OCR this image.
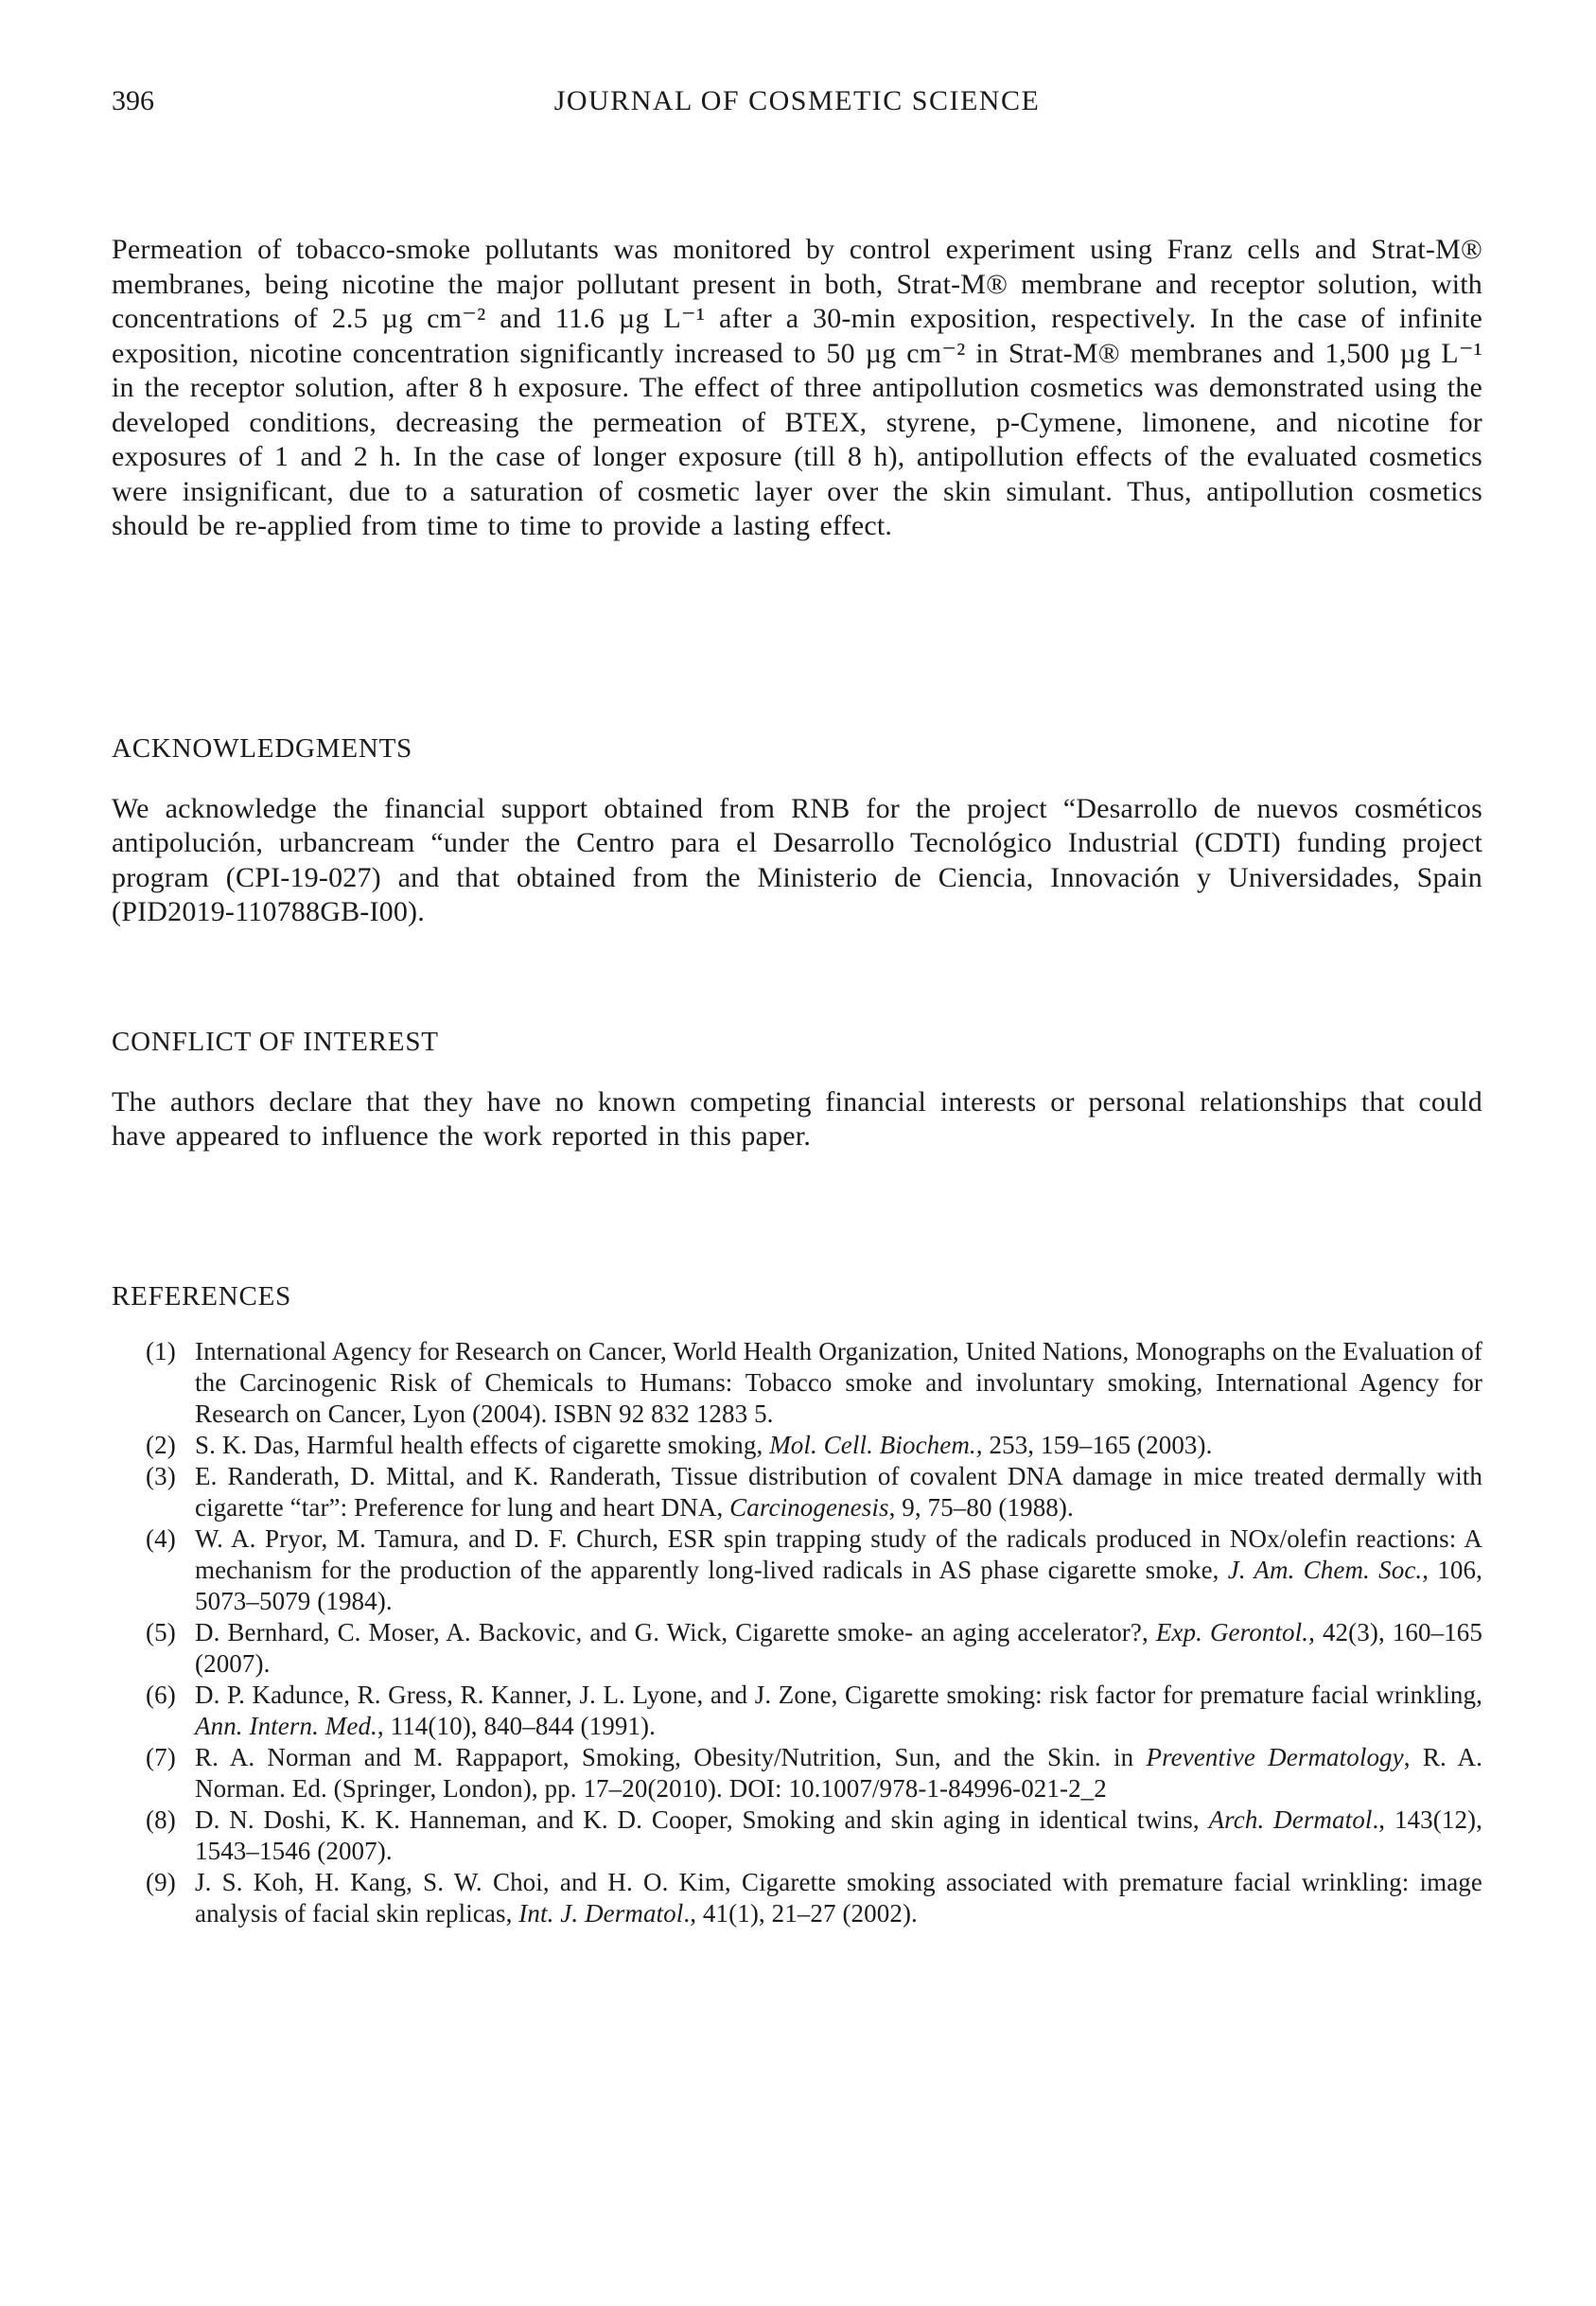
396	JOURNAL OF COSMETIC SCIENCE

Permeation of tobacco-smoke pollutants was monitored by control experiment using Franz cells and Strat-M® membranes, being nicotine the major pollutant present in both, Strat-M® membrane and receptor solution, with concentrations of 2.5 µg cm⁻² and 11.6 µg L⁻¹ after a 30-min exposition, respectively. In the case of infinite exposition, nicotine concentration significantly increased to 50 µg cm⁻² in Strat-M® membranes and 1,500 µg L⁻¹ in the receptor solution, after 8 h exposure. The effect of three antipollution cosmetics was demonstrated using the developed conditions, decreasing the permeation of BTEX, styrene, p-Cymene, limonene, and nicotine for exposures of 1 and 2 h. In the case of longer exposure (till 8 h), antipollution effects of the evaluated cosmetics were insignificant, due to a saturation of cosmetic layer over the skin simulant. Thus, antipollution cosmetics should be re-applied from time to time to provide a lasting effect.

ACKNOWLEDGMENTS

We acknowledge the financial support obtained from RNB for the project “Desarrollo de nuevos cosméticos antipolución, urbancream “under the Centro para el Desarrollo Tecnológico Industrial (CDTI) funding project program (CPI-19-027) and that obtained from the Ministerio de Ciencia, Innovación y Universidades, Spain (PID2019-110788GB-I00).

CONFLICT OF INTEREST

The authors declare that they have no known competing financial interests or personal relationships that could have appeared to influence the work reported in this paper.

REFERENCES
(1) International Agency for Research on Cancer, World Health Organization, United Nations, Monographs on the Evaluation of the Carcinogenic Risk of Chemicals to Humans: Tobacco smoke and involuntary smoking, International Agency for Research on Cancer, Lyon (2004). ISBN 92 832 1283 5.
(2) S. K. Das, Harmful health effects of cigarette smoking, Mol. Cell. Biochem., 253, 159–165 (2003).
(3) E. Randerath, D. Mittal, and K. Randerath, Tissue distribution of covalent DNA damage in mice treated dermally with cigarette “tar”: Preference for lung and heart DNA, Carcinogenesis, 9, 75–80 (1988).
(4) W. A. Pryor, M. Tamura, and D. F. Church, ESR spin trapping study of the radicals produced in NOx/olefin reactions: A mechanism for the production of the apparently long-lived radicals in AS phase cigarette smoke, J. Am. Chem. Soc., 106, 5073–5079 (1984).
(5) D. Bernhard, C. Moser, A. Backovic, and G. Wick, Cigarette smoke- an aging accelerator?, Exp. Gerontol., 42(3), 160–165 (2007).
(6) D. P. Kadunce, R. Gress, R. Kanner, J. L. Lyone, and J. Zone, Cigarette smoking: risk factor for premature facial wrinkling, Ann. Intern. Med., 114(10), 840–844 (1991).
(7) R. A. Norman and M. Rappaport, Smoking, Obesity/Nutrition, Sun, and the Skin. in Preventive Dermatology, R. A. Norman. Ed. (Springer, London), pp. 17–20(2010). DOI: 10.1007/978-1-84996-021-2_2
(8) D. N. Doshi, K. K. Hanneman, and K. D. Cooper, Smoking and skin aging in identical twins, Arch. Dermatol., 143(12), 1543–1546 (2007).
(9) J. S. Koh, H. Kang, S. W. Choi, and H. O. Kim, Cigarette smoking associated with premature facial wrinkling: image analysis of facial skin replicas, Int. J. Dermatol., 41(1), 21–27 (2002).
